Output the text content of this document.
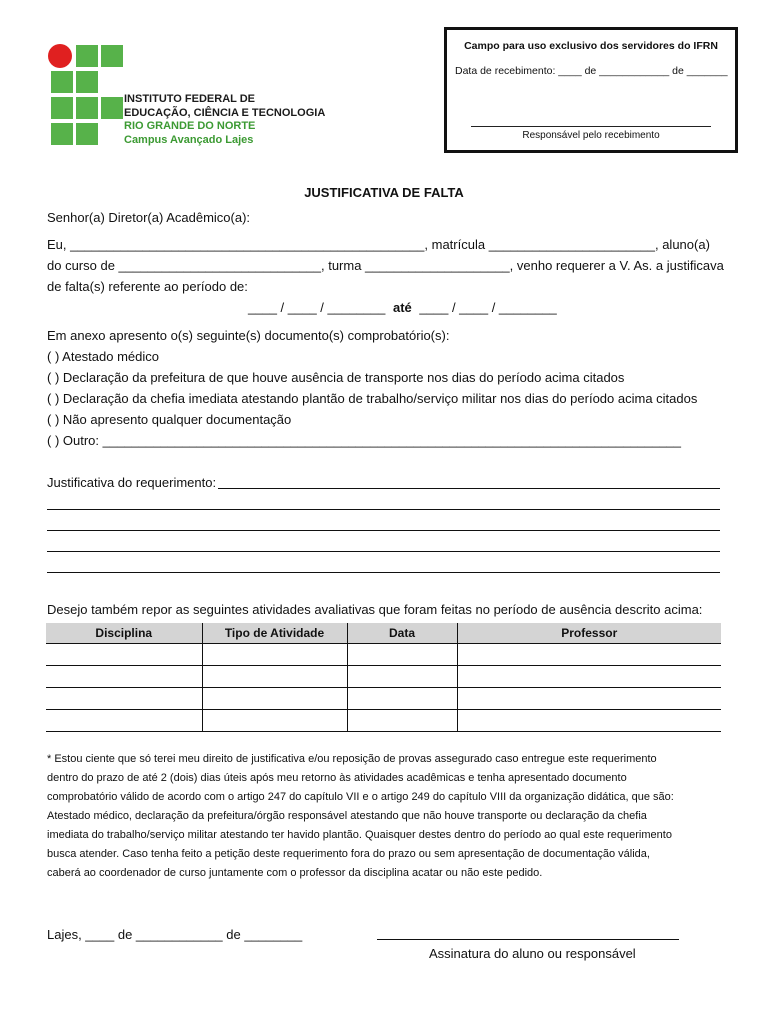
INSTITUTO FEDERAL DE
EDUCAÇÃO, CIÊNCIA E TECNOLOGIA
RIO GRANDE DO NORTE
Campus Avançado Lajes
Campo para uso exclusivo dos servidores do IFRN
Data de recebimento: ____ de ____________ de _______
Responsável pelo recebimento
JUSTIFICATIVA DE FALTA
Senhor(a) Diretor(a) Acadêmico(a):
Eu, _________________________________________________, matrícula _______________________, aluno(a)
do curso de ____________________________, turma ____________________, venho requerer a V. As. a justificava
de falta(s) referente ao período de:
____ / ____ / ________ até ____ / ____ / ________
Em anexo apresento o(s) seguinte(s) documento(s) comprobatório(s):
( ) Atestado médico
( ) Declaração da prefeitura de que houve ausência de transporte nos dias do período acima citados
( ) Declaração da chefia imediata atestando plantão de trabalho/serviço militar nos dias do período acima citados
( ) Não apresento qualquer documentação
( ) Outro: ________________________________________________________________________________
Justificativa do requerimento:
Desejo também repor as seguintes atividades avaliativas que foram feitas no período de ausência descrito acima:
Disciplina	Tipo de Atividade	Data	Professor

* Estou ciente que só terei meu direito de justificativa e/ou reposição de provas assegurado caso entregue este requerimento
dentro do prazo de até 2 (dois) dias úteis após meu retorno às atividades acadêmicas e tenha apresentado documento
comprobatório válido de acordo com o artigo 247 do capítulo VII e o artigo 249 do capítulo VIII da organização didática, que são:
Atestado médico, declaração da prefeitura/órgão responsável atestando que não houve transporte ou declaração da chefia
imediata do trabalho/serviço militar atestando ter havido plantão. Quaisquer destes dentro do período ao qual este requerimento
busca atender. Caso tenha feito a petição deste requerimento fora do prazo ou sem apresentação de documentação válida,
caberá ao coordenador de curso juntamente com o professor da disciplina acatar ou não este pedido.
Lajes, ____ de ____________ de ________
Assinatura do aluno ou responsável
